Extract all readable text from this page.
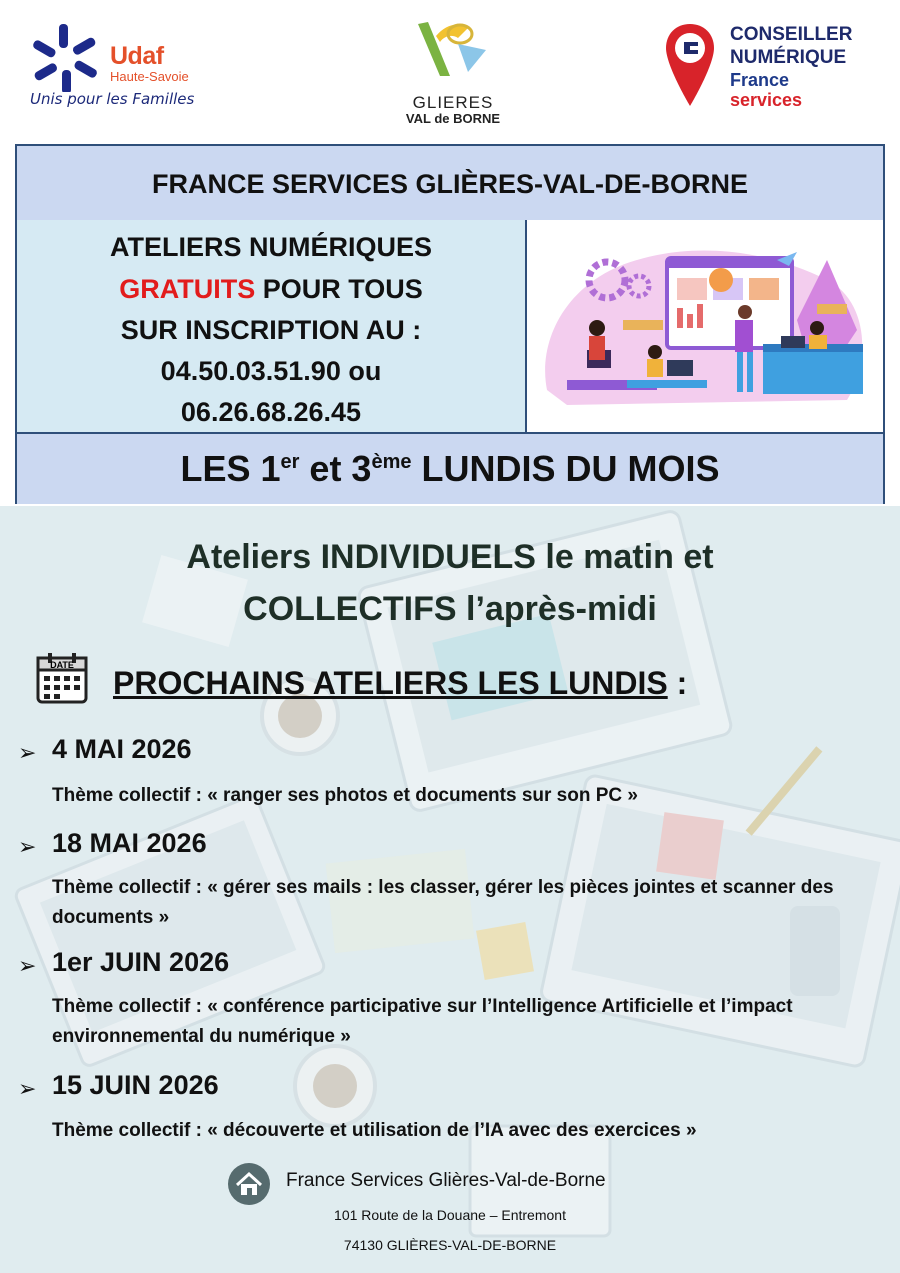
Udaf
Haute-Savoie
Unis pour les Familles	GLIERES
VAL de BORNE
CONSEILLER
NUMÉRIQUE
France
services
FRANCE SERVICES GLIÈRES-VAL-DE-BORNE
ATELIERS NUMÉRIQUES
GRATUITS POUR TOUS
SUR INSCRIPTION AU :
04.50.03.51.90 ou
06.26.68.26.45
LES 1er et 3ème LUNDIS DU MOIS
Ateliers INDIVIDUELS le matin et
COLLECTIFS l’après-midi
DATE PROCHAINS ATELIERS LES LUNDIS :
➢ 4 MAI 2026
Thème collectif : « ranger ses photos et documents sur son PC »
➢ 18 MAI 2026
Thème collectif : « gérer ses mails : les classer, gérer les pièces jointes et scanner des documents »
➢ 1er JUIN 2026
Thème collectif : « conférence participative sur l’Intelligence Artificielle et l’impact environnemental du numérique »
➢ 15 JUIN 2026
Thème collectif : « découverte et utilisation de l’IA avec des exercices »
France Services Glières-Val-de-Borne
101 Route de la Douane – Entremont
74130 GLIÈRES-VAL-DE-BORNE
